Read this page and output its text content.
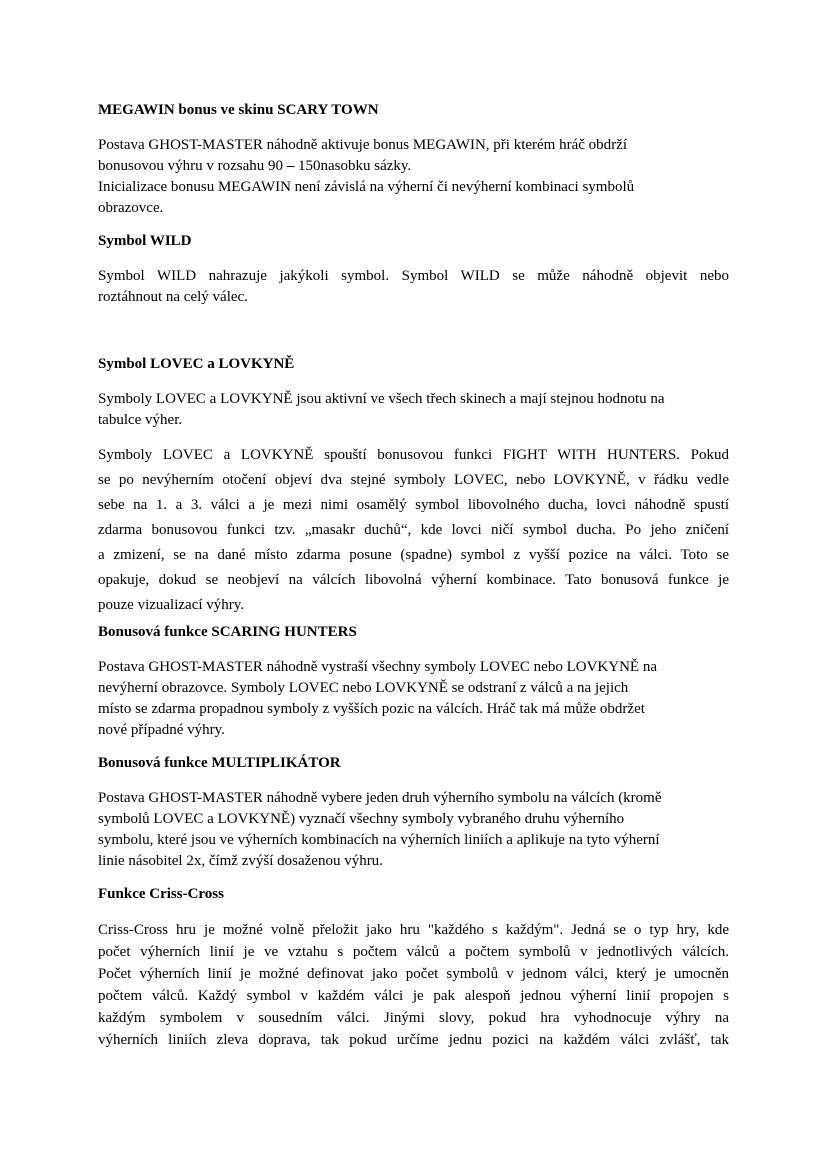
MEGAWIN bonus ve skinu SCARY TOWN
Postava GHOST-MASTER náhodně aktivuje bonus MEGAWIN, při kterém hráč obdrží
bonusovou výhru v rozsahu 90 – 150nasobku sázky.
Inicializace bonusu MEGAWIN není závislá na výherní či nevýherní kombinaci symbolů
obrazovce.
Symbol WILD
Symbol WILD nahrazuje jakýkoli symbol. Symbol WILD se může náhodně objevit nebo
roztáhnout na celý válec.
Symbol LOVEC a LOVKYNĚ
Symboly LOVEC a LOVKYNĚ jsou aktivní ve všech třech skinech a mají stejnou hodnotu na
tabulce výher.
Symboly LOVEC a LOVKYNĚ spouští bonusovou funkci FIGHT WITH HUNTERS. Pokud
se po nevýherním otočení objeví dva stejné symboly LOVEC, nebo LOVKYNĚ, v řádku vedle
sebe na 1. a 3. válci a je mezi nimi osamělý symbol libovolného ducha, lovci náhodně spustí
zdarma bonusovou funkci tzv. „masakr duchů“, kde lovci ničí symbol ducha. Po jeho zničení
a zmizení, se na dané místo zdarma posune (spadne) symbol z vyšší pozice na válci. Toto se
opakuje, dokud se neobjeví na válcích libovolná výherní kombinace. Tato bonusová funkce je
pouze vizualizací výhry.
Bonusová funkce SCARING HUNTERS
Postava GHOST-MASTER náhodně vystraší všechny symboly LOVEC nebo LOVKYNĚ na
nevýherní obrazovce. Symboly LOVEC nebo LOVKYNĚ se odstraní z válců a na jejich
místo se zdarma propadnou symboly z vyšších pozic na válcích. Hráč tak má může obdržet
nové případné výhry.
Bonusová funkce MULTIPLIKÁTOR
Postava GHOST-MASTER náhodně vybere jeden druh výherního symbolu na válcích (kromě
symbolů LOVEC a LOVKYNĚ) vyznačí všechny symboly vybraného druhu výherního
symbolu, které jsou ve výherních kombinacích na výherních liniích a aplikuje na tyto výherní
linie násobitel 2x, čímž zvýší dosaženou výhru.
Funkce Criss-Cross
Criss-Cross hru je možné volně přeložit jako hru "každého s každým". Jedná se o typ hry, kde
počet výherních linií je ve vztahu s počtem válců a počtem symbolů v jednotlivých válcích.
Počet výherních linií je možné definovat jako počet symbolů v jednom válci, který je umocněn
počtem válců. Každý symbol v každém válci je pak alespoň jednou výherní linií propojen s
každým symbolem v sousedním válci. Jinými slovy, pokud hra vyhodnocuje výhry na
výherních liniích zleva doprava, tak pokud určíme jednu pozici na každém válci zvlášť, tak
